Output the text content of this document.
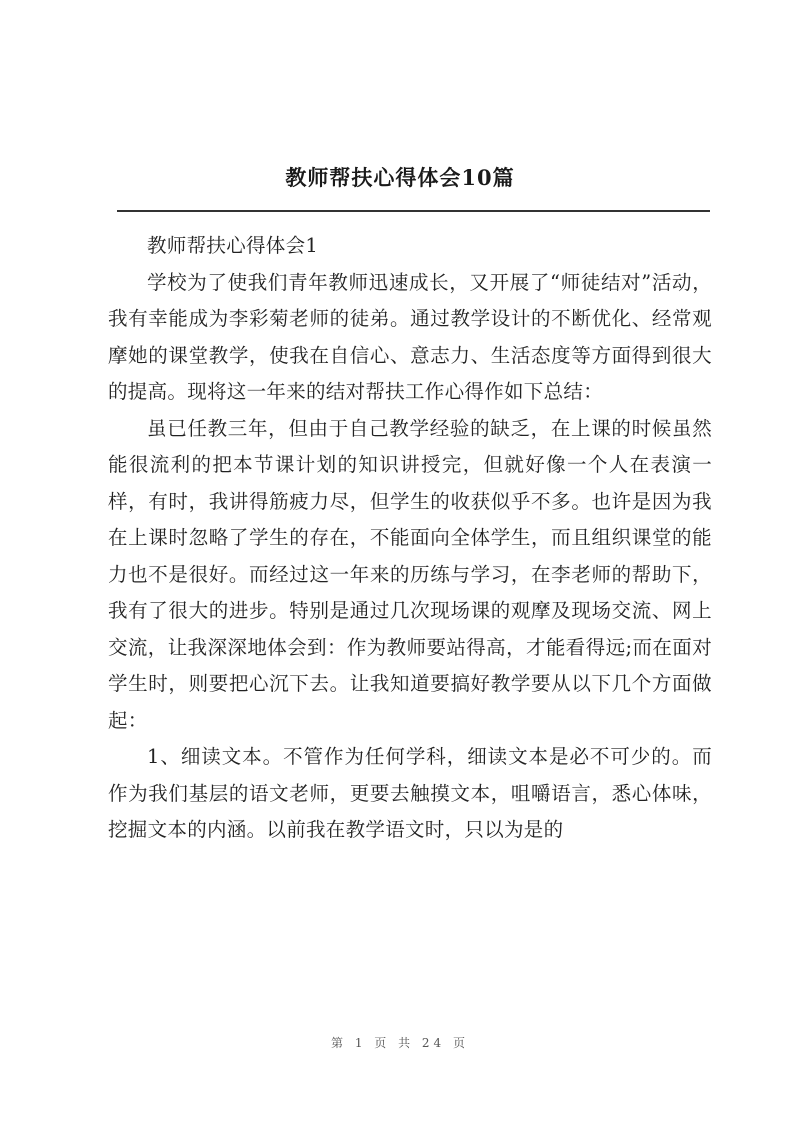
教师帮扶心得体会10篇

教师帮扶心得体会1

学校为了使我们青年教师迅速成长，又开展了“师徒结对”活动，我有幸能成为李彩菊老师的徒弟。通过教学设计的不断优化、经常观摩她的课堂教学，使我在自信心、意志力、生活态度等方面得到很大的提高。现将这一年来的结对帮扶工作心得作如下总结：

虽已任教三年，但由于自己教学经验的缺乏，在上课的时候虽然能很流利的把本节课计划的知识讲授完，但就好像一个人在表演一样，有时，我讲得筋疲力尽，但学生的收获似乎不多。也许是因为我在上课时忽略了学生的存在，不能面向全体学生，而且组织课堂的能力也不是很好。而经过这一年来的历练与学习，在李老师的帮助下，我有了很大的进步。特别是通过几次现场课的观摩及现场交流、网上交流，让我深深地体会到：作为教师要站得高，才能看得远;而在面对学生时，则要把心沉下去。让我知道要搞好教学要从以下几个方面做起：

1、细读文本。不管作为任何学科，细读文本是必不可少的。而作为我们基层的语文老师，更要去触摸文本，咀嚼语言，悉心体味，挖掘文本的内涵。以前我在教学语文时，只以为是的

第 1 页 共 24 页
